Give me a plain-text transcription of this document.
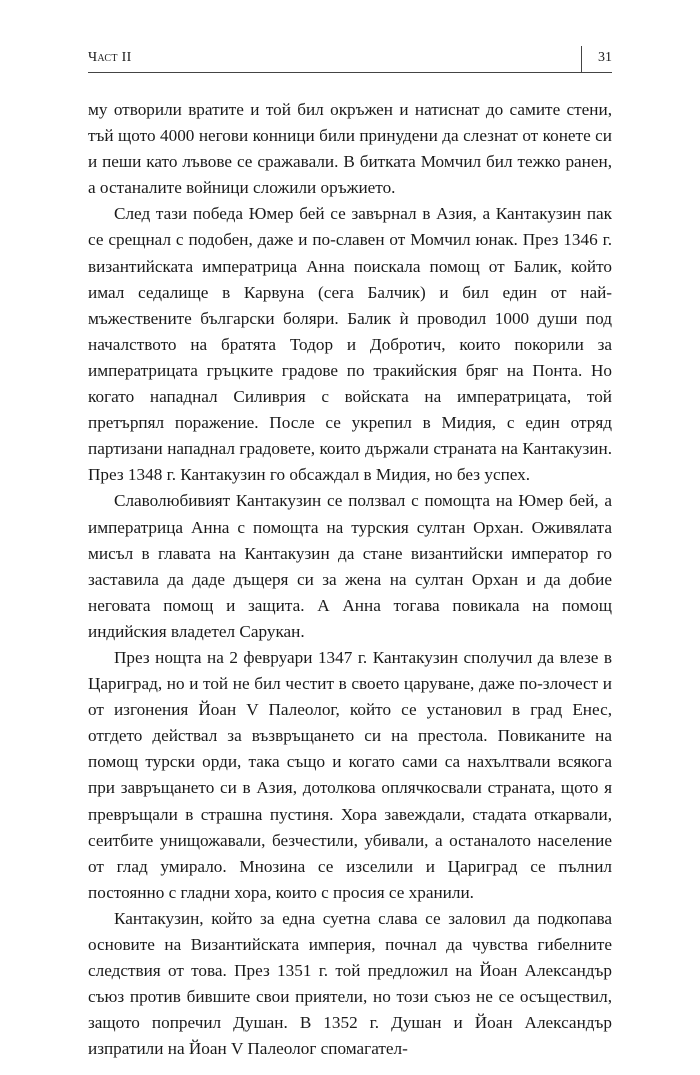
Част II	31

му отворили вратите и той бил окръжен и натиснат до самите стени, тъй щото 4000 негови конници били принудени да слезнат от конете си и пеши като лъвове се сражавали. В битката Момчил бил тежко ранен, а останалите войници сложили оръжието.

След тази победа Юмер бей се завърнал в Азия, а Кантакузин пак се срещнал с подобен, даже и по-славен от Момчил юнак. През 1346 г. византийската императрица Анна поискала помощ от Балик, който имал седалище в Карвуна (сега Балчик) и бил един от най-мъжествените български боляри. Балик ѝ проводил 1000 души под началството на братята Тодор и Добротич, които покорили за императрицата гръцките градове по тракийския бряг на Понта. Но когато нападнал Силиврия с войската на императрицата, той претърпял поражение. После се укрепил в Мидия, с един отряд партизани нападнал градовете, които държали страната на Кантакузин. През 1348 г. Кантакузин го обсаждал в Мидия, но без успех.

Славолюбивият Кантакузин се ползвал с помощта на Юмер бей, а императрица Анна с помощта на турския султан Орхан. Оживялата мисъл в главата на Кантакузин да стане византийски император го заставила да даде дъщеря си за жена на султан Орхан и да добие неговата помощ и защита. А Анна тогава повикала на помощ индийския владетел Сарукан.

През нощта на 2 февруари 1347 г. Кантакузин сполучил да влезе в Цариград, но и той не бил честит в своето царуване, даже по-злочест и от изгонения Йоан V Палеолог, който се установил в град Енес, отгдето действал за възвръщането си на престола. Повиканите на помощ турски орди, така също и когато сами са нахълтвали всякога при завръщането си в Азия, дотолкова оплячкосвали страната, щото я превръщали в страшна пустиня. Хора завеждали, стадата откарвали, сеитбите унищожавали, безчестили, убивали, а останалото население от глад умирало. Мнозина се изселили и Цариград се пълнил постоянно с гладни хора, които с просия се хранили.

Кантакузин, който за една суетна слава се заловил да подкопава основите на Византийската империя, почнал да чувства гибелните следствия от това. През 1351 г. той предложил на Йоан Александър съюз против бившите свои приятели, но този съюз не се осъществил, защото попречил Душан. В 1352 г. Душан и Йоан Александър изпратили на Йоан V Палеолог спомагател-
